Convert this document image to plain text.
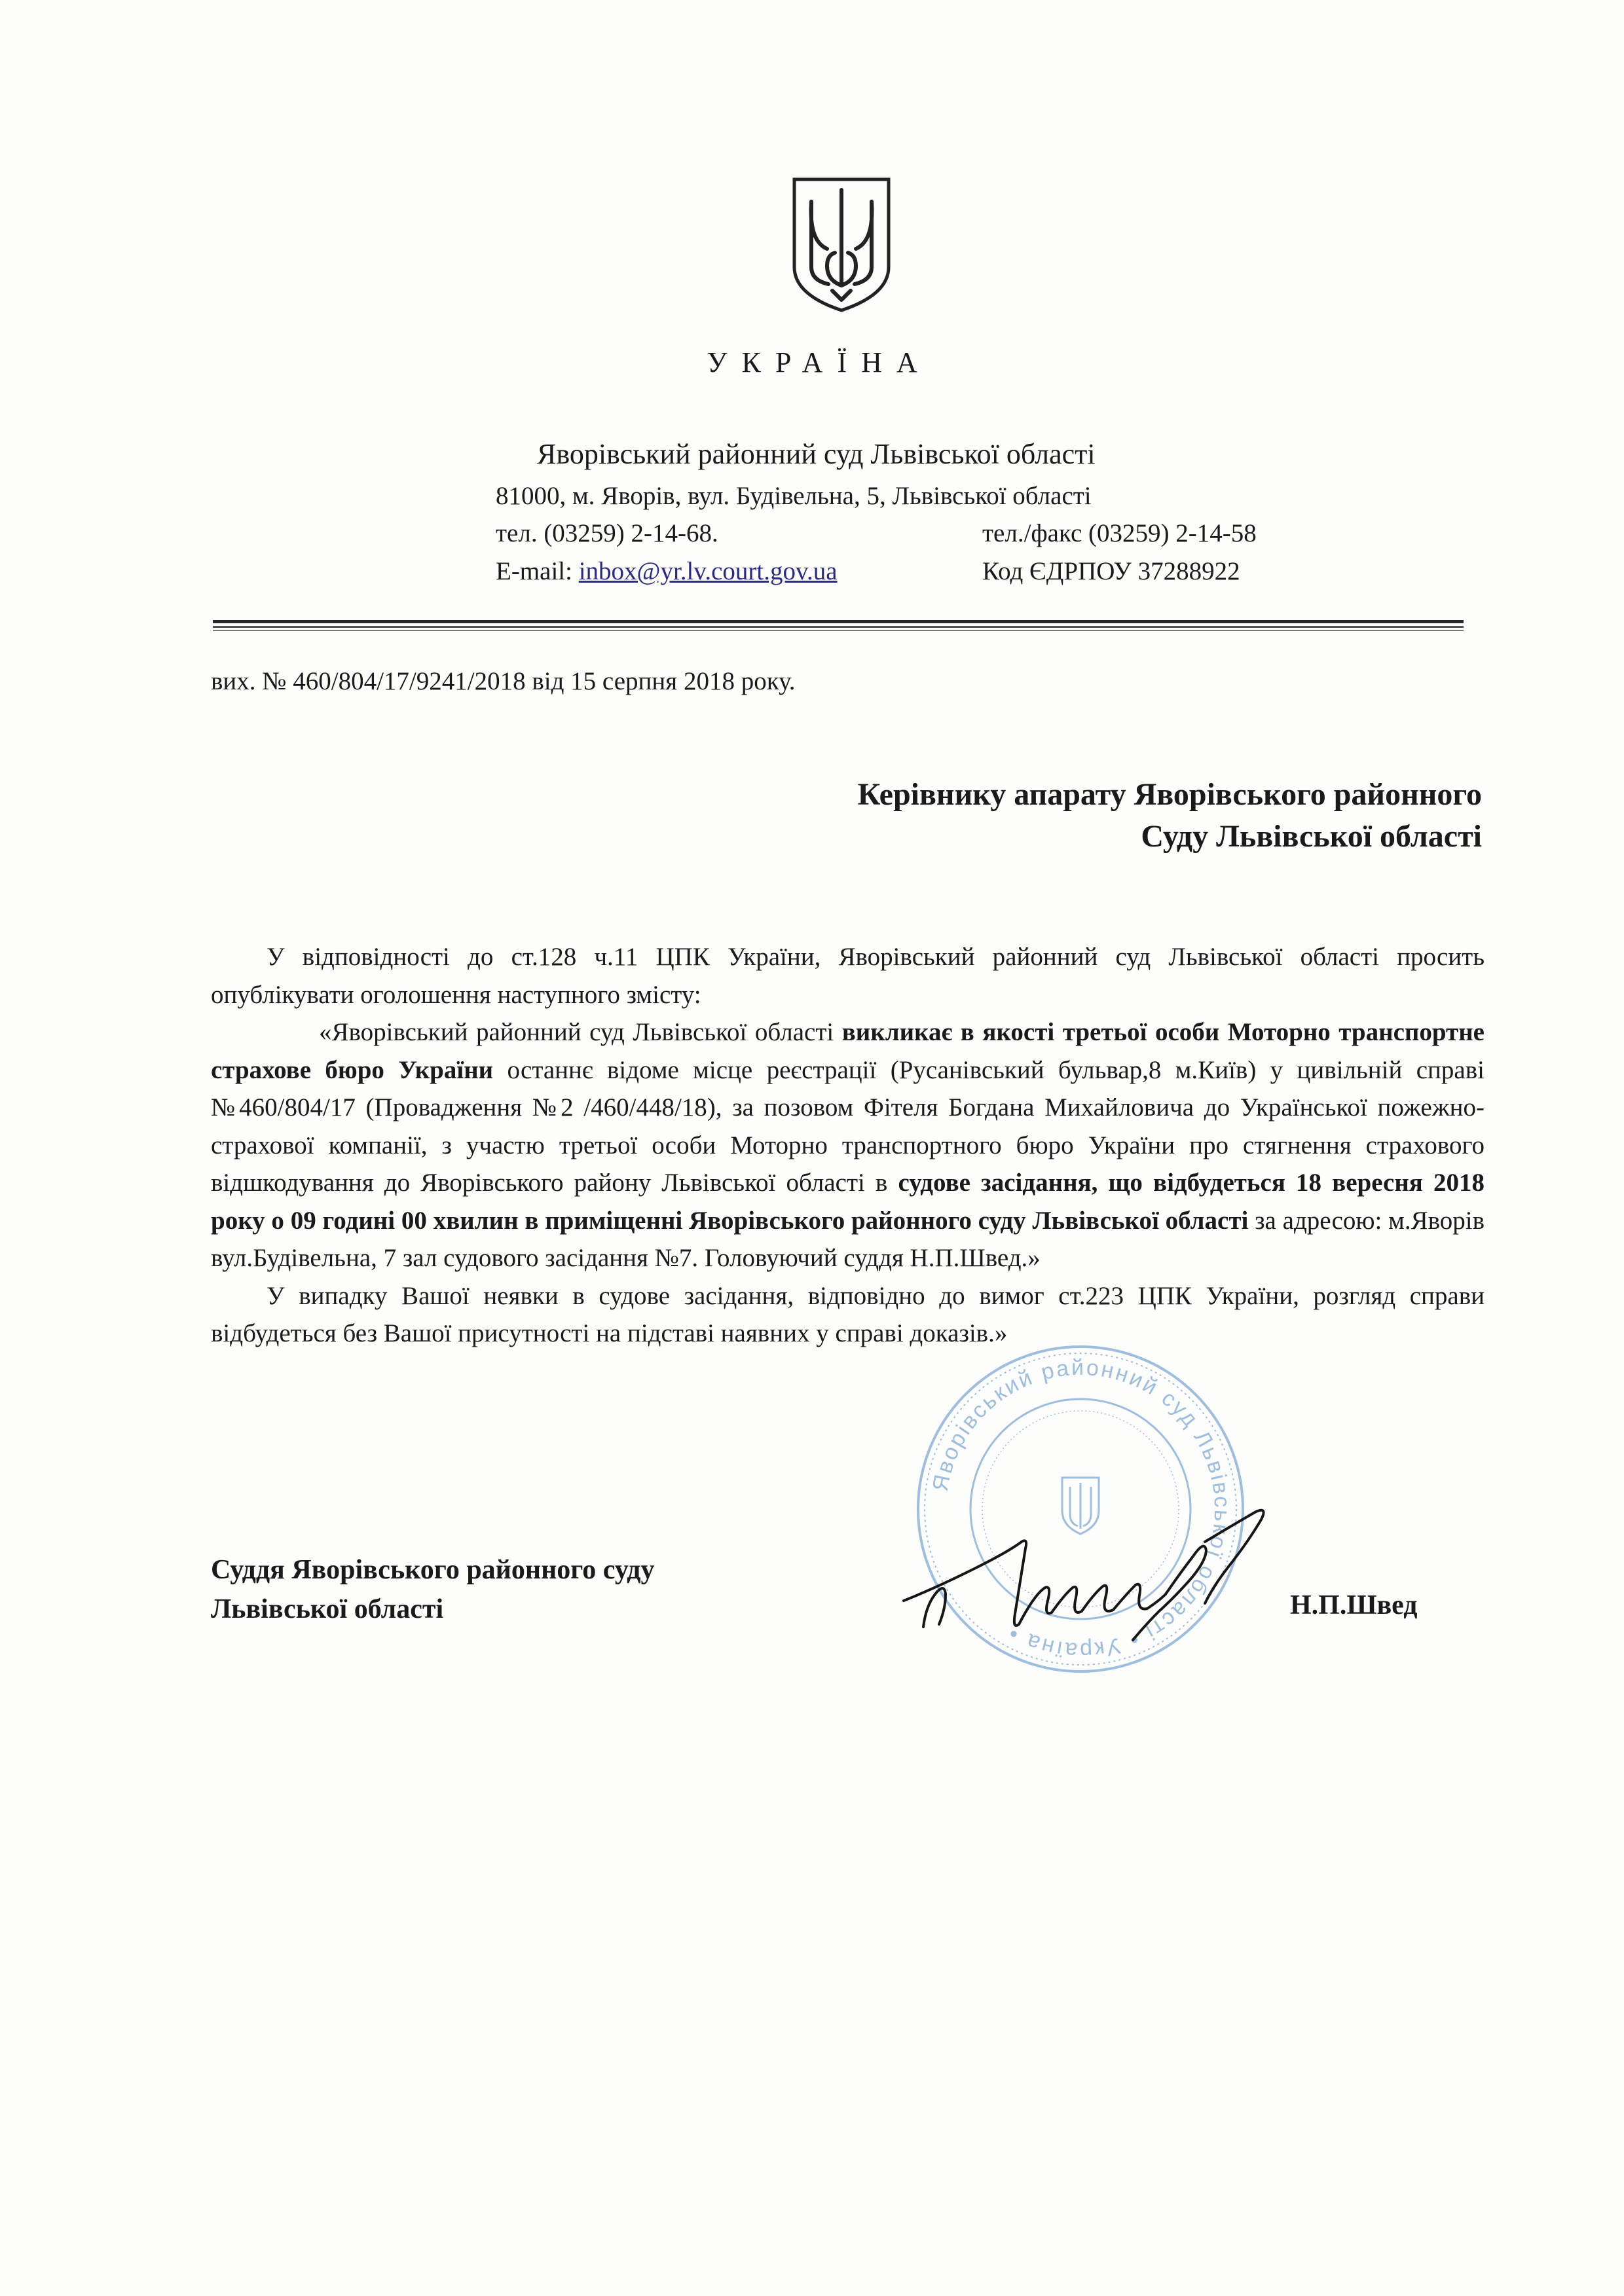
УКРАЇНА
Яворівський районний суд Львівської області
81000, м. Яворів, вул. Будівельна, 5, Львівської області
тел. (03259) 2-14-68.	тел./факс (03259) 2-14-58
E-mail: inbox@yr.lv.court.gov.ua	Код ЄДРПОУ 37288922
вих. № 460/804/17/9241/2018 від 15 серпня 2018 року.
Керівнику апарату Яворівського районного
Суду Львівської області

У відповідності до ст.128 ч.11 ЦПК України, Яворівський районний суд Львівської області просить опублікувати оголошення наступного змісту:

«Яворівський районний суд Львівської області викликає в якості третьої особи Моторно транспортне страхове бюро України останнє відоме місце реєстрації (Русанівський бульвар,8 м.Київ) у цивільній справі №460/804/17 (Провадження №2 /460/448/18), за позовом Фітеля Богдана Михайловича до Української пожежно-страхової компанії, з участю третьої особи Моторно транспортного бюро України про стягнення страхового відшкодування до Яворівського району Львівської області в судове засідання, що відбудеться 18 вересня 2018 року о 09 годині 00 хвилин в приміщенні Яворівського районного суду Львівської області за адресою: м.Яворів вул.Будівельна, 7 зал судового засідання №7. Головуючий суддя Н.П.Швед.»

У випадку Вашої неявки в судове засідання, відповідно до вимог ст.223 ЦПК України, розгляд справи відбудеться без Вашої присутності на підставі наявних у справі доказів.»

Суддя Яворівського районного суду
Львівської області	Н.П.Швед
Яворівський районний суд Львівської області • Україна •
